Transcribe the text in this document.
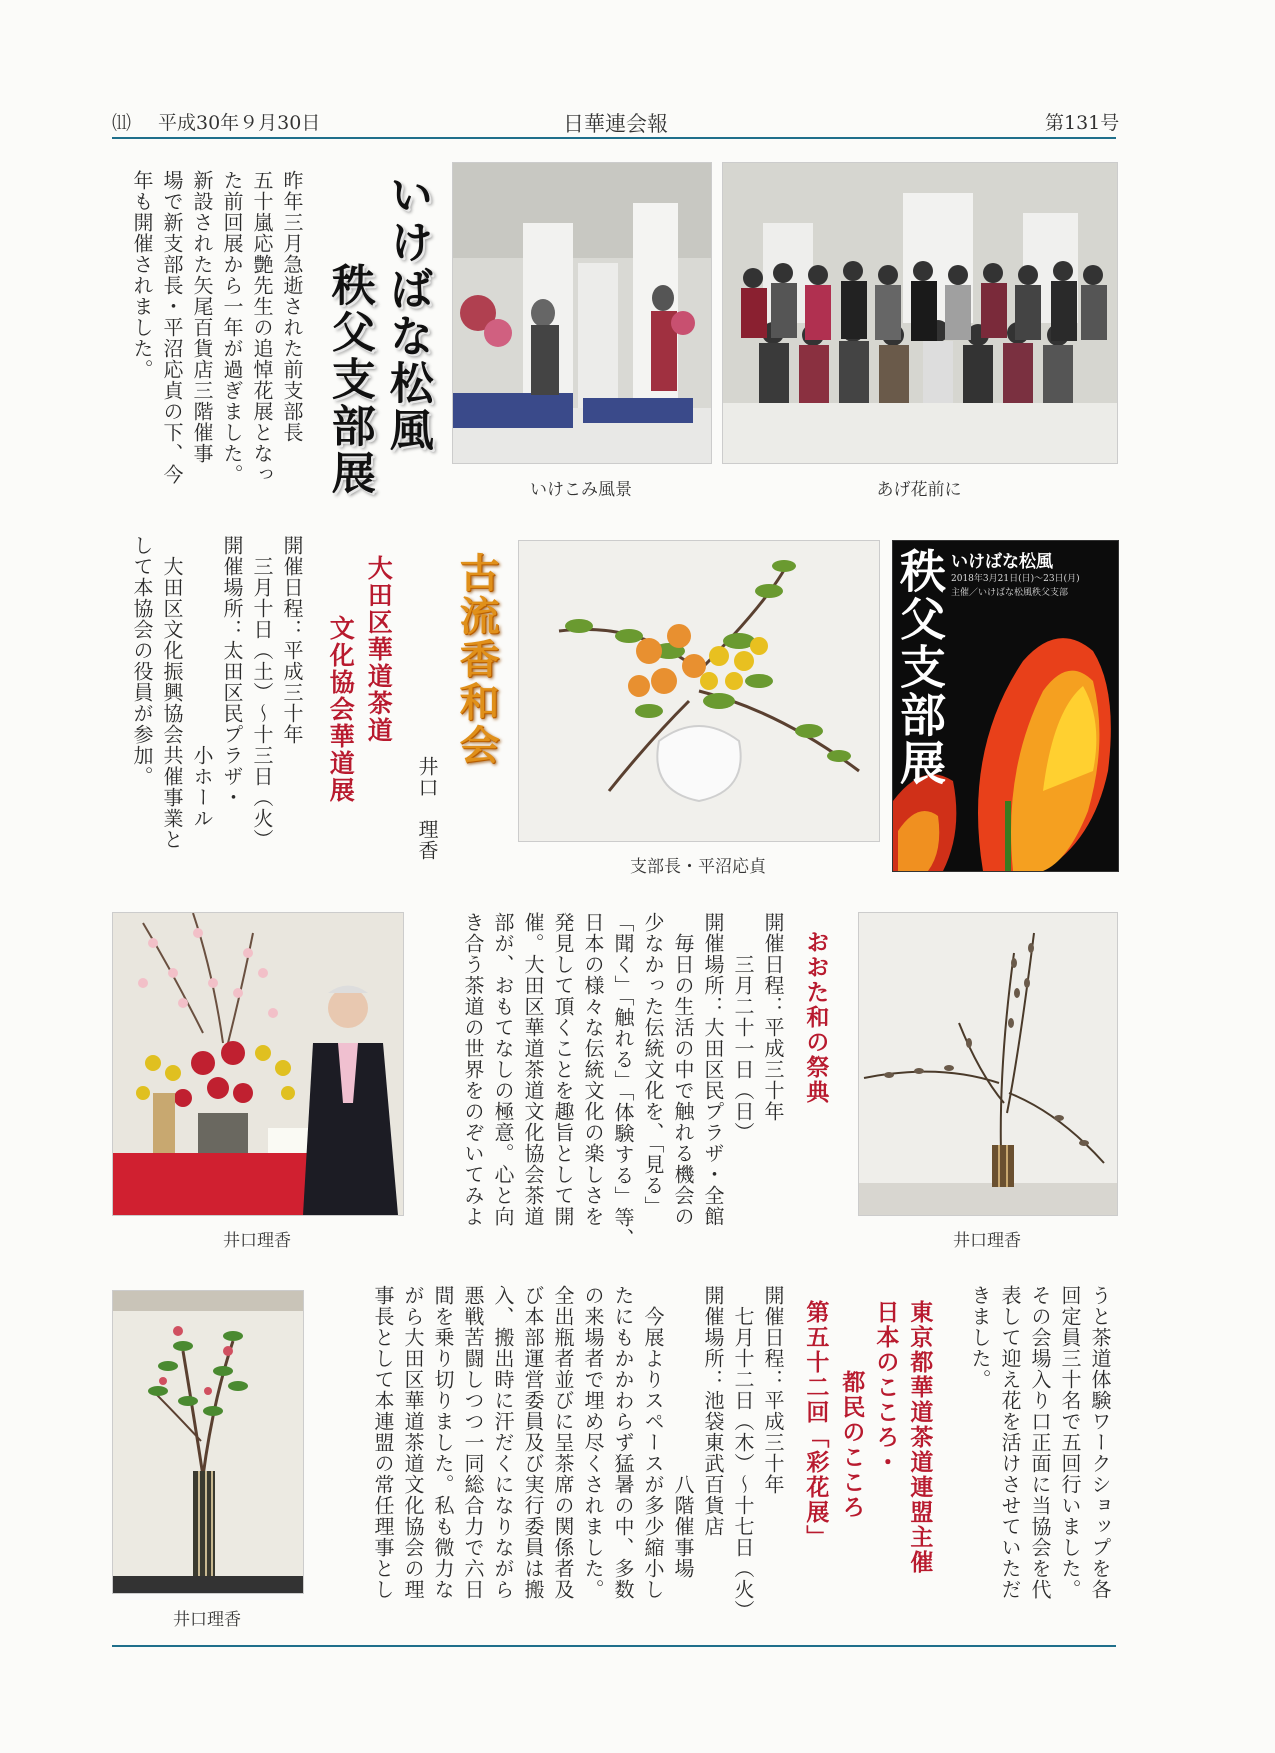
⑾ 平成30年９月30日	日華連会報	第131号
いけばな松風
秩父支部展
昨年三月急逝された前支部長
五十嵐応艶先生の追悼花展となっ
た前回展から一年が過ぎました。
新設された矢尾百貨店三階催事
場で新支部長・平沼応貞の下、今
年も開催されました。
いけこみ風景	あげ花前に
支部長・平沼応貞
いけばな松風
2018年3月21日(日)～23日(月)
主催／いけばな松風秩父支部
秩父支部展
古流香和会
井口　理香
大田区華道茶道
文化協会華道展
開催日程：平成三十年
　三月十日（土）～十三日（火）
開催場所：太田区民プラザ・
　　　　　　　　　　小ホール
　大田区文化振興協会共催事業と
して本協会の役員が参加。
井口理香
おおた和の祭典
開催日程：平成三十年
　　三月二十一日（日）
開催場所：大田区民プラザ・全館
　毎日の生活の中で触れる機会の
少なかった伝統文化を、「見る」
「聞く」「触れる」「体験する」等、
日本の様々な伝統文化の楽しさを
発見して頂くことを趣旨として開
催。大田区華道茶道文化協会茶道
部が、おもてなしの極意。心と向
き合う茶道の世界をのぞいてみよ
井口理香
うと茶道体験ワークショップを各
回定員三十名で五回行いました。
その会場入り口正面に当協会を代
表して迎え花を活けさせていただ
きました。
東京都華道茶道連盟主催
日本のこころ・
都民のこころ
第五十二回「彩花展」
開催日程：平成三十年
　七月十二日（木）～十七日（火）
開催場所：池袋東武百貨店
　　　　　　　　　八階催事場
　今展よりスペースが多少縮小し
たにもかかわらず猛暑の中、多数
の来場者で埋め尽くされました。
全出瓶者並びに呈茶席の関係者及
び本部運営委員及び実行委員は搬
入、搬出時に汗だくになりながら
悪戦苦闘しつつ一同総合力で六日
間を乗り切りました。私も微力な
がら大田区華道茶道文化協会の理
事長として本連盟の常任理事とし
井口理香
